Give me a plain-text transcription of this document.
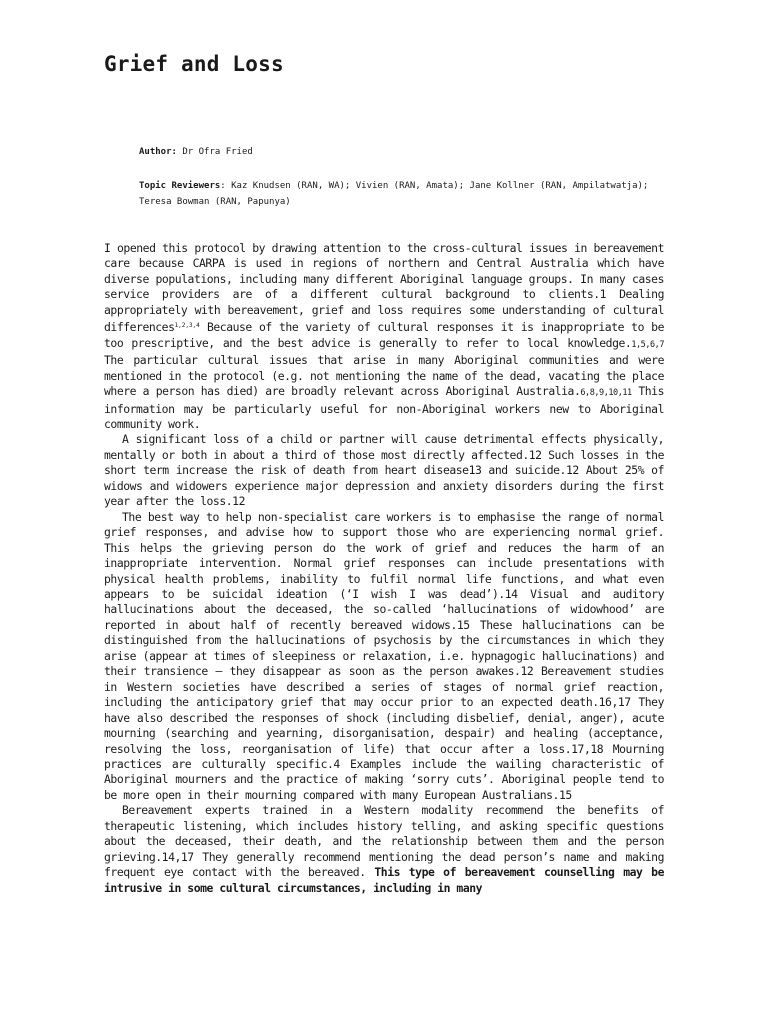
Grief and Loss
Author: Dr Ofra Fried
Topic Reviewers: Kaz Knudsen (RAN, WA); Vivien (RAN, Amata); Jane Kollner (RAN, Ampilatwatja);
Teresa Bowman (RAN, Papunya)

I opened this protocol by drawing attention to the cross-cultural issues in bereavement care because CARPA is used in regions of northern and Central Australia which have diverse populations, including many different Aboriginal language groups. In many cases service providers are of a different cultural background to clients.1 Dealing appropriately with bereavement, grief and loss requires some understanding of cultural differences$^{1,2,3,4}$ Because of the variety of cultural responses it is inappropriate to be too prescriptive, and the best advice is generally to refer to local knowledge.1,5,6,7 The particular cultural issues that arise in many Aboriginal communities and were mentioned in the protocol (e.g. not mentioning the name of the dead, vacating the place where a person has died) are broadly relevant across Aboriginal Australia.6,8,9,10,11 This information may be particularly useful for non-Aboriginal workers new to Aboriginal community work.

A significant loss of a child or partner will cause detrimental effects physically, mentally or both in about a third of those most directly affected.12 Such losses in the short term increase the risk of death from heart disease13 and suicide.12 About 25% of widows and widowers experience major depression and anxiety disorders during the first year after the loss.12

The best way to help non-specialist care workers is to emphasise the range of normal grief responses, and advise how to support those who are experiencing normal grief. This helps the grieving person do the work of grief and reduces the harm of an inappropriate intervention. Normal grief responses can include presentations with physical health problems, inability to fulfil normal life functions, and what even appears to be suicidal ideation (‘I wish I was dead’).14 Visual and auditory hallucinations about the deceased, the so-called ‘hallucinations of widowhood’ are reported in about half of recently bereaved widows.15 These hallucinations can be distinguished from the hallucinations of psychosis by the circumstances in which they arise (appear at times of sleepiness or relaxation, i.e. hypnagogic hallucinations) and their transience — they disappear as soon as the person awakes.12 Bereavement studies in Western societies have described a series of stages of normal grief reaction, including the anticipatory grief that may occur prior to an expected death.16,17 They have also described the responses of shock (including disbelief, denial, anger), acute mourning (searching and yearning, disorganisation, despair) and healing (acceptance, resolving the loss, reorganisation of life) that occur after a loss.17,18 Mourning practices are culturally specific.4 Examples include the wailing characteristic of Aboriginal mourners and the practice of making ‘sorry cuts’. Aboriginal people tend to be more open in their mourning compared with many European Australians.15

Bereavement experts trained in a Western modality recommend the benefits of therapeutic listening, which includes history telling, and asking specific questions about the deceased, their death, and the relationship between them and the person grieving.14,17 They generally recommend mentioning the dead person’s name and making frequent eye contact with the bereaved. This type of bereavement counselling may be intrusive in some cultural circumstances, including in many
